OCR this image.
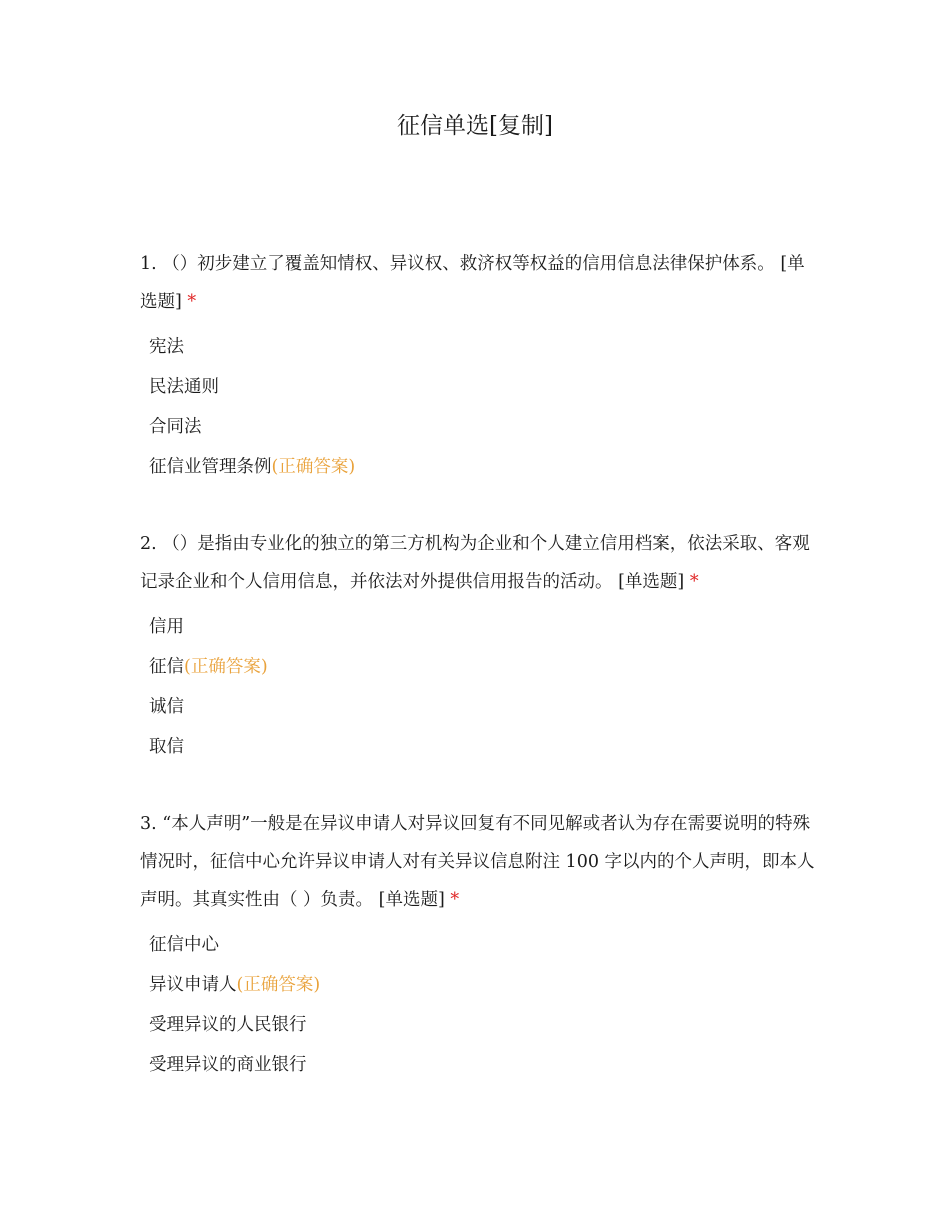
征信单选[复制]

1. （）初步建立了覆盖知情权、异议权、救济权等权益的信用信息法律保护体系。 [单选题] *

宪法
民法通则
合同法
征信业管理条例(正确答案)

2. （）是指由专业化的独立的第三方机构为企业和个人建立信用档案，依法采取、客观记录企业和个人信用信息，并依法对外提供信用报告的活动。 [单选题] *

信用
征信(正确答案)
诚信
取信

3. “本人声明”一般是在异议申请人对异议回复有不同见解或者认为存在需要说明的特殊情况时，征信中心允许异议申请人对有关异议信息附注 100 字以内的个人声明，即本人声明。其真实性由（ ）负责。 [单选题] *

征信中心
异议申请人(正确答案)
受理异议的人民银行
受理异议的商业银行
